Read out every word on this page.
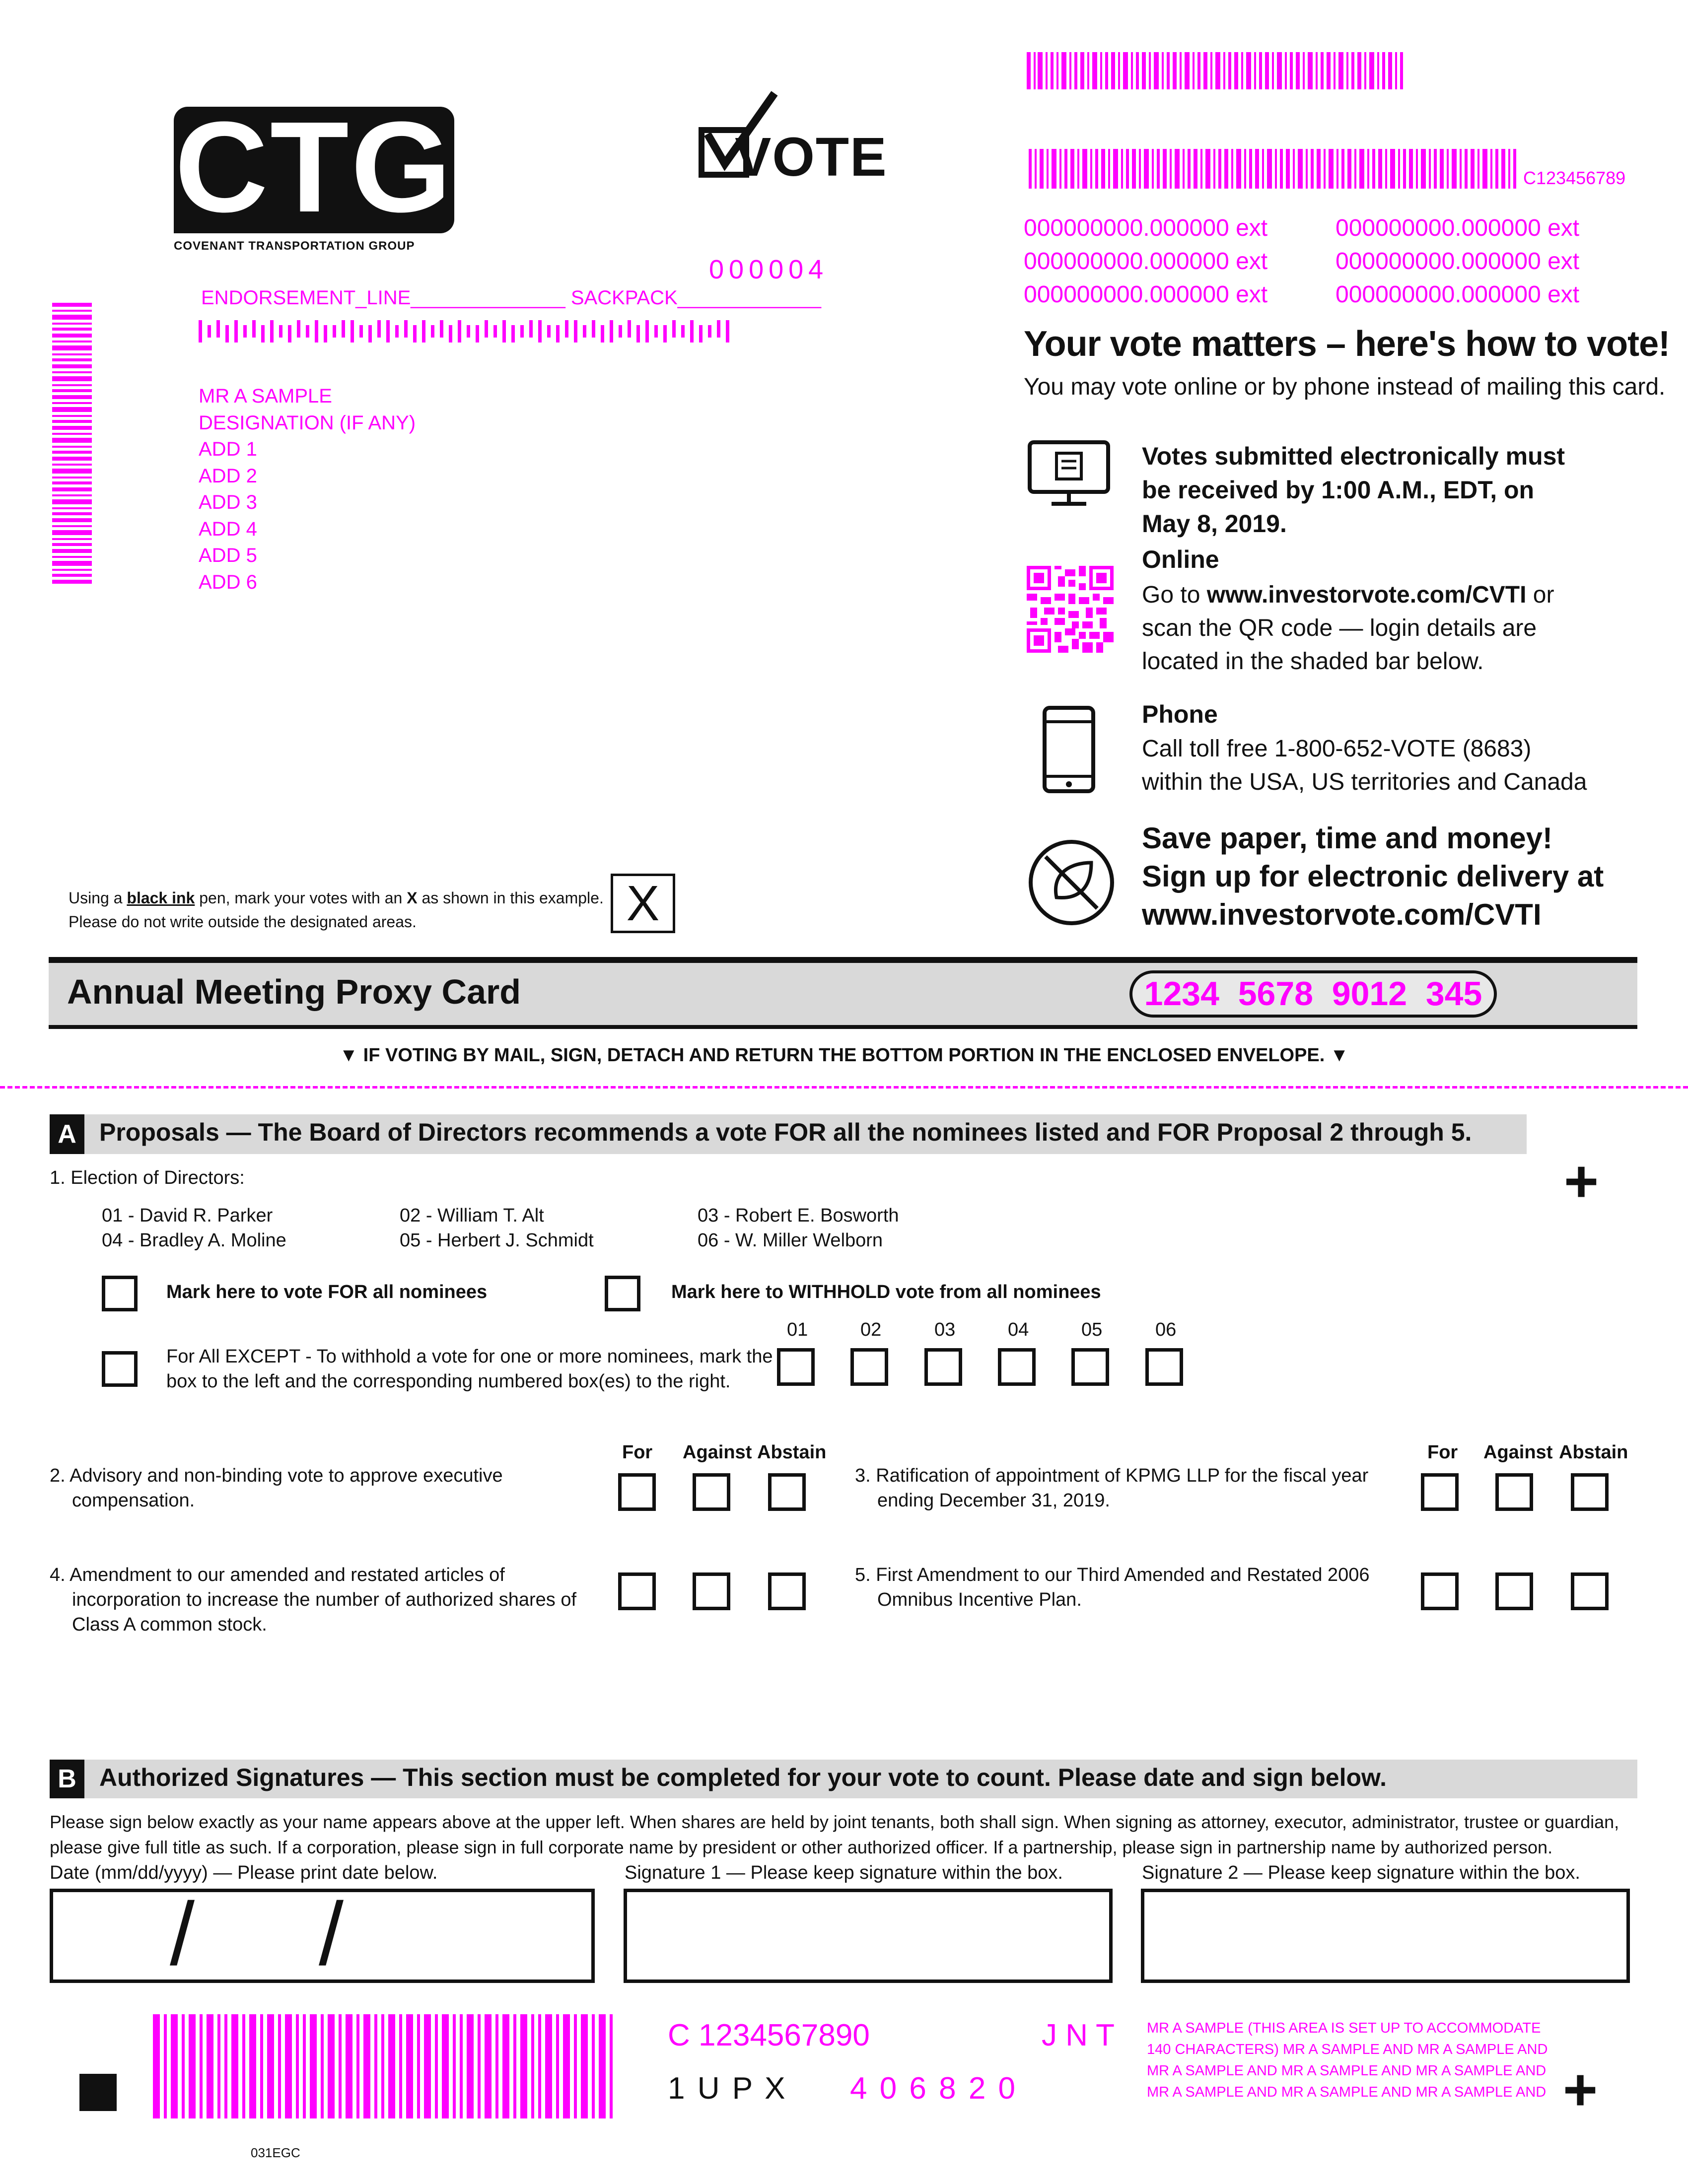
CTG
COVENANT TRANSPORTATION GROUP
VOTE	C123456789
000000000.000000 ext
000000000.000000 ext
000000000.000000 ext
000000000.000000 ext
000000000.000000 ext
000000000.000000 ext
000004
ENDORSEMENT_LINE______________ SACKPACK_____________
MR A SAMPLE
DESIGNATION (IF ANY)
ADD 1
ADD 2
ADD 3
ADD 4
ADD 5
ADD 6
Your vote matters – here's how to vote!
You may vote online or by phone instead of mailing this card.
Votes submitted electronically must be received by 1:00 A.M., EDT, on May 8, 2019.
Online
Go to www.investorvote.com/CVTI or scan the QR code — login details are located in the shaded bar below.
Phone
Call toll free 1-800-652-VOTE (8683) within the USA, US territories and Canada
Save paper, time and money!
Sign up for electronic delivery at
www.investorvote.com/CVTI
Using a black ink pen, mark your votes with an X as shown in this example.
Please do not write outside the designated areas.	X
Annual Meeting Proxy Card	1234  5678  9012  345
▼ IF VOTING BY MAIL, SIGN, DETACH AND RETURN THE BOTTOM PORTION IN THE ENCLOSED ENVELOPE. ▼
A Proposals — The Board of Directors recommends a vote FOR all the nominees listed and FOR Proposal 2 through 5.
+
1. Election of Directors:
01 - David R. Parker	02 - William T. Alt	03 - Robert E. Bosworth
04 - Bradley A. Moline	05 - Herbert J. Schmidt	06 - W. Miller Welborn
Mark here to vote FOR all nominees	Mark here to WITHHOLD vote from all nominees
For All EXCEPT - To withhold a vote for one or more nominees, mark the
box to the left and the corresponding numbered box(es) to the right.
01	02	03	04	05	06
For Against Abstain	For Against Abstain
2. Advisory and non-binding vote to approve executive
compensation.
3. Ratification of appointment of KPMG LLP for the fiscal year
ending December 31, 2019.
4. Amendment to our amended and restated articles of
incorporation to increase the number of authorized shares of
Class A common stock.
5. First Amendment to our Third Amended and Restated 2006
Omnibus Incentive Plan.
B Authorized Signatures — This section must be completed for your vote to count. Please date and sign below.
Please sign below exactly as your name appears above at the upper left. When shares are held by joint tenants, both shall sign. When signing as attorney, executor, administrator, trustee or guardian,
please give full title as such. If a corporation, please sign in full corporate name by president or other authorized officer. If a partnership, please sign in partnership name by authorized person.
Date (mm/dd/yyyy) — Please print date below.	Signature 1 — Please keep signature within the box.	Signature 2 — Please keep signature within the box.
/ /
C 1234567890	J N T
1 U P X 4 0 6 8 2 0
MR A SAMPLE (THIS AREA IS SET UP TO ACCOMMODATE
140 CHARACTERS) MR A SAMPLE AND MR A SAMPLE AND
MR A SAMPLE AND MR A SAMPLE AND MR A SAMPLE AND
MR A SAMPLE AND MR A SAMPLE AND MR A SAMPLE AND +
031EGC
